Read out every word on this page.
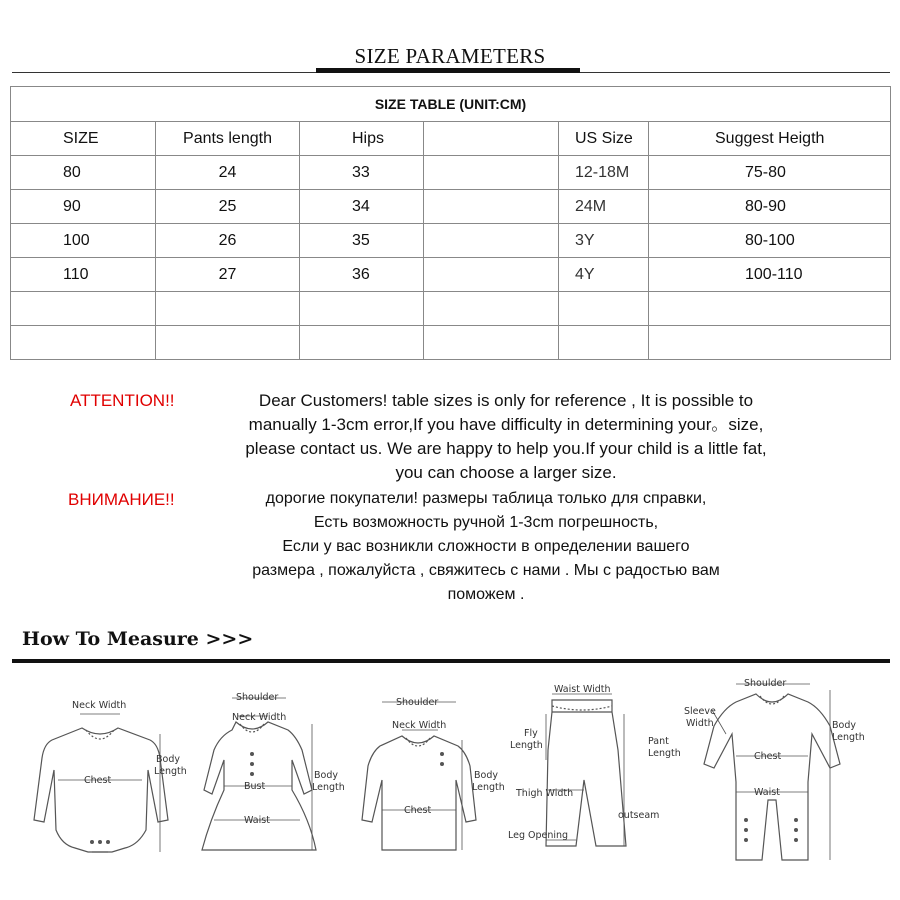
SIZE PARAMETERS
SIZE TABLE (UNIT:CM)					
SIZE	Pants length	Hips		US Size	Suggest Heigth
80	24	33		12-18M	75-80
90	25	34		24M	80-90
100	26	35		3Y	80-100
110	27	36		4Y	100-110

ATTENTION!!	Dear Customers! table sizes is only for reference , It is possible to
manually 1-3cm error,If you have difficulty in determining your。size,
please contact us. We are happy to help you.If your child is a little fat,
you can choose a larger size.
ВНИМАНИЕ!!	дорогие покупатели! размеры таблица только для справки,
Есть возможность ручной 1-3cm погрешность,
Если у вас возникли сложности в определении вашего
размера , пожалуйста , свяжитесь с нами . Мы с радостью вам
поможем .
How To Measure >>>
Neck Width
Chest
Body
Length
Shoulder
Neck Width
Bust
Waist
Body
Length
Shoulder
Neck Width
Chest
Body
Length
Waist Width
Fly
Length	Pant
Length
Thigh Width
outseam
Leg Opening
Shoulder
Sleeve
Width
Chest
Waist
Body
Length
